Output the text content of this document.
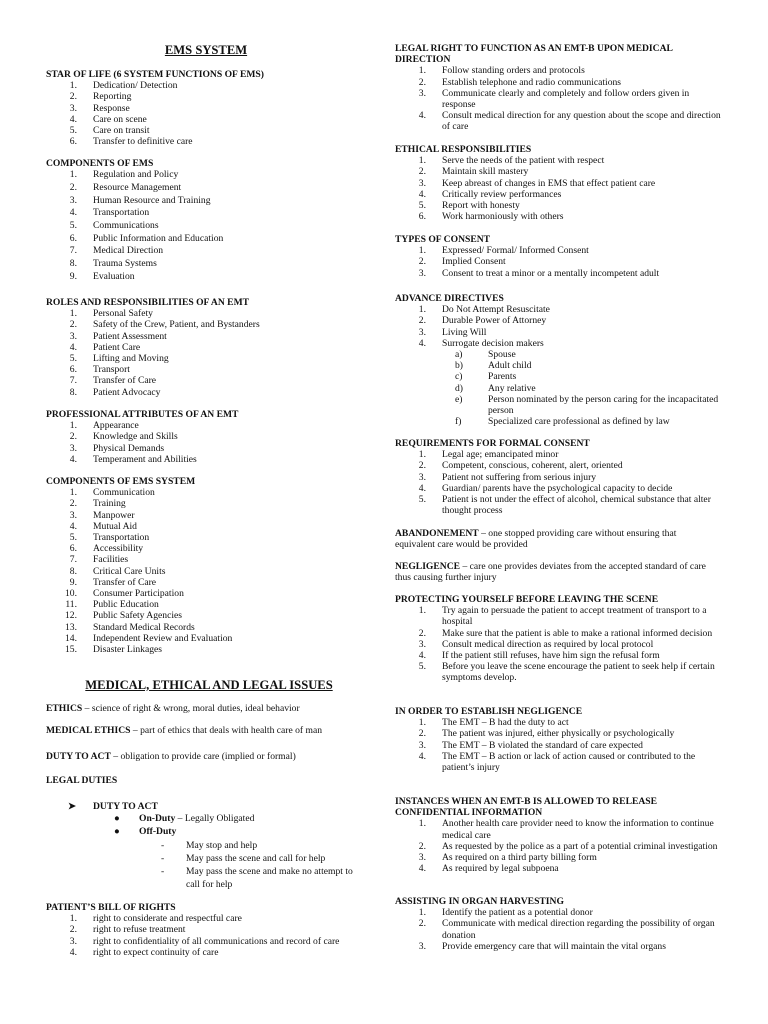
EMS SYSTEM
STAR OF LIFE (6 SYSTEM FUNCTIONS OF EMS)
1. Dedication/ Detection
2. Reporting
3. Response
4. Care on scene
5. Care on transit
6. Transfer to definitive care
COMPONENTS OF EMS
1. Regulation and Policy
2. Resource Management
3. Human Resource and Training
4. Transportation
5. Communications
6. Public Information and Education
7. Medical Direction
8. Trauma Systems
9. Evaluation
ROLES AND RESPONSIBILITIES OF AN EMT
1. Personal Safety
2. Safety of the Crew, Patient, and Bystanders
3. Patient Assessment
4. Patient Care
5. Lifting and Moving
6. Transport
7. Transfer of Care
8. Patient Advocacy
PROFESSIONAL ATTRIBUTES OF AN EMT
1. Appearance
2. Knowledge and Skills
3. Physical Demands
4. Temperament and Abilities
COMPONENTS OF EMS SYSTEM
1. Communication
2. Training
3. Manpower
4. Mutual Aid
5. Transportation
6. Accessibility
7. Facilities
8. Critical Care Units
9. Transfer of Care
10. Consumer Participation
11. Public Education
12. Public Safety Agencies
13. Standard Medical Records
14. Independent Review and Evaluation
15. Disaster Linkages
MEDICAL, ETHICAL AND LEGAL ISSUES
ETHICS – science of right & wrong, moral duties, ideal behavior
MEDICAL ETHICS – part of ethics that deals with health care of man
DUTY TO ACT – obligation to provide care (implied or formal)
LEGAL DUTIES
➤ DUTY TO ACT
● On-Duty – Legally Obligated
● Off-Duty
- May stop and help
- May pass the scene and call for help
- May pass the scene and make no attempt to call for help
PATIENT’S BILL OF RIGHTS
1. right to considerate and respectful care
2. right to refuse treatment
3. right to confidentiality of all communications and record of care
4. right to expect continuity of care
LEGAL RIGHT TO FUNCTION AS AN EMT-B UPON MEDICAL DIRECTION
1. Follow standing orders and protocols
2. Establish telephone and radio communications
3. Communicate clearly and completely and follow orders given in response
4. Consult medical direction for any question about the scope and direction of care
ETHICAL RESPONSIBILITIES
1. Serve the needs of the patient with respect
2. Maintain skill mastery
3. Keep abreast of changes in EMS that effect patient care
4. Critically review performances
5. Report with honesty
6. Work harmoniously with others
TYPES OF CONSENT
1. Expressed/ Formal/ Informed Consent
2. Implied Consent
3. Consent to treat a minor or a mentally incompetent adult
ADVANCE DIRECTIVES
1. Do Not Attempt Resuscitate
2. Durable Power of Attorney
3. Living Will
4. Surrogate decision makers
a)	Spouse
b)	Adult child
c)	Parents
d)	Any relative
e)	Person nominated by the person caring for the incapacitated person
f)	Specialized care professional as defined by law
REQUIREMENTS FOR FORMAL CONSENT
1. Legal age; emancipated minor
2. Competent, conscious, coherent, alert, oriented
3. Patient not suffering from serious injury
4. Guardian/ parents have the psychological capacity to decide
5. Patient is not under the effect of alcohol, chemical substance that alter thought process
ABANDONEMENT – one stopped providing care without ensuring that equivalent care would be provided
NEGLIGENCE – care one provides deviates from the accepted standard of care thus causing further injury
PROTECTING YOURSELF BEFORE LEAVING THE SCENE
1. Try again to persuade the patient to accept treatment of transport to a hospital
2. Make sure that the patient is able to make a rational informed decision
3. Consult medical direction as required by local protocol
4. If the patient still refuses, have him sign the refusal form
5. Before you leave the scene encourage the patient to seek help if certain symptoms develop.
IN ORDER TO ESTABLISH NEGLIGENCE
1. The EMT – B had the duty to act
2. The patient was injured, either physically or psychologically
3. The EMT – B violated the standard of care expected
4. The EMT – B action or lack of action caused or contributed to the patient’s injury
INSTANCES WHEN AN EMT-B IS ALLOWED TO RELEASE CONFIDENTIAL INFORMATION
1. Another health care provider need to know the information to continue medical care
2. As requested by the police as a part of a potential criminal investigation
3. As required on a third party billing form
4. As required by legal subpoena
ASSISTING IN ORGAN HARVESTING
1. Identify the patient as a potential donor
2. Communicate with medical direction regarding the possibility of organ donation
3. Provide emergency care that will maintain the vital organs
